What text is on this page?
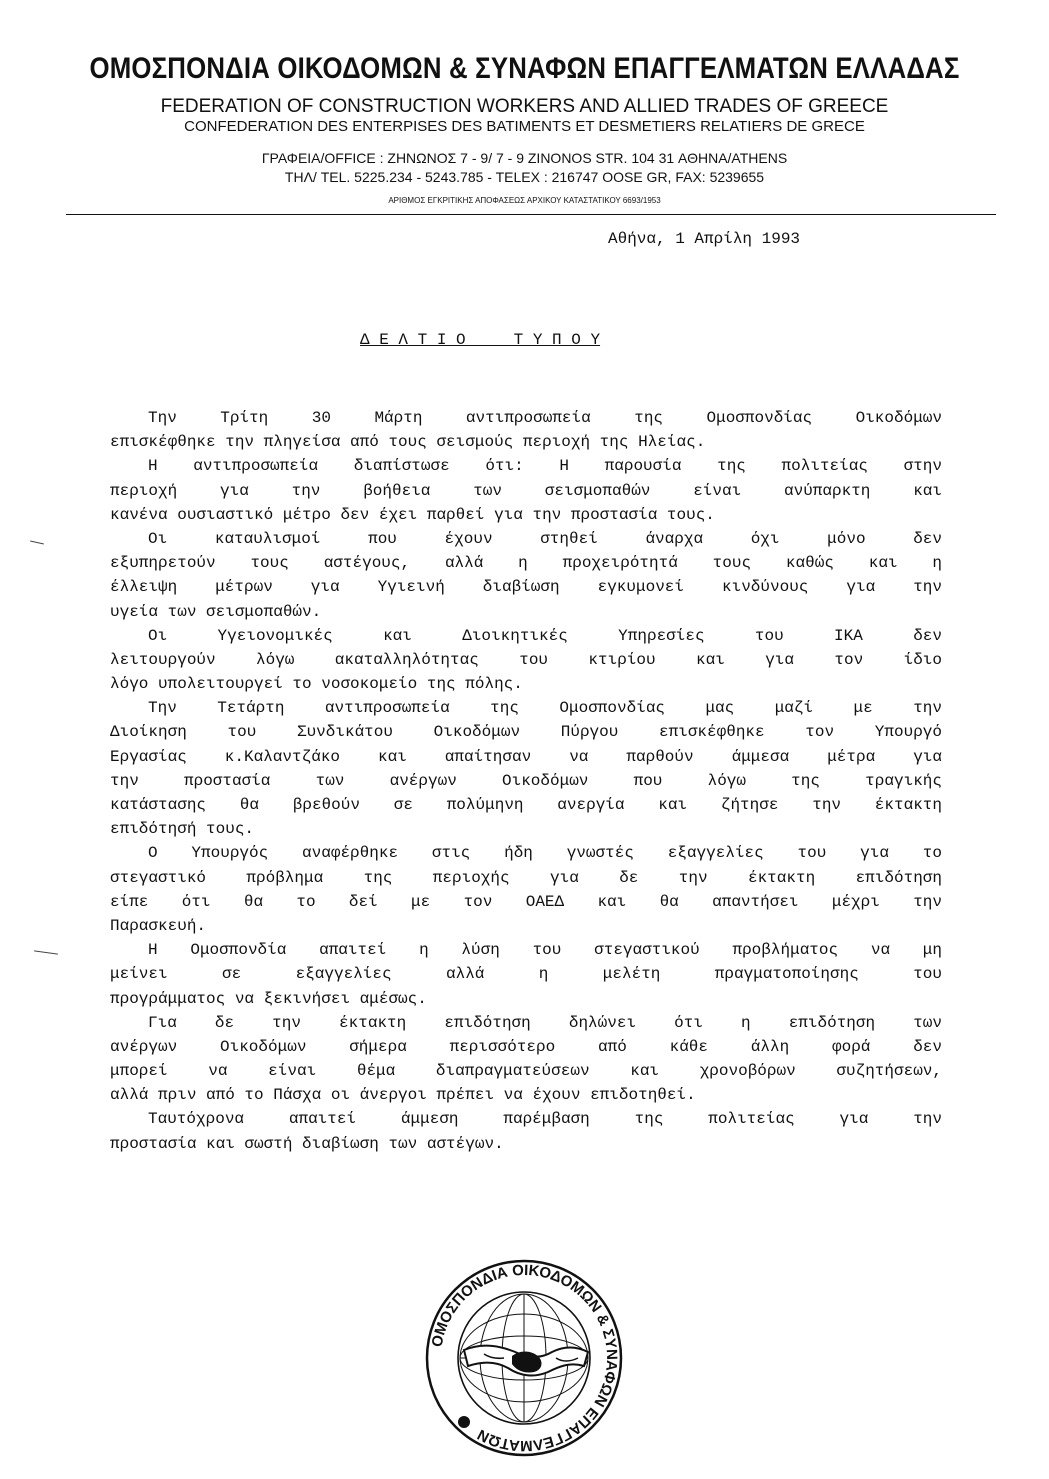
ΟΜΟΣΠΟΝΔΙΑ ΟΙΚΟΔΟΜΩΝ & ΣΥΝΑΦΩΝ ΕΠΑΓΓΕΛΜΑΤΩΝ ΕΛΛΑΔΑΣ
FEDERATION OF CONSTRUCTION WORKERS AND ALLIED TRADES OF GREECE
CONFEDERATION DES ENTERPISES DES BATIMENTS ET DESMETIERS RELATIERS DE GRECE
ΓΡΑΦΕΙΑ/OFFICE : ΖΗΝΩΝΟΣ 7 - 9/ 7 - 9 ZINONOS STR. 104 31 ΑΘΗΝΑ/ATHENS
ΤΗΛ/ TEL. 5225.234 - 5243.785 - TELEX : 216747 OOSE GR, FAX: 5239655
ΑΡΙΘΜΟΣ ΕΓΚΡΙΤΙΚΗΣ ΑΠΟΦΑΣΕΩΣ ΑΡΧΙΚΟΥ ΚΑΤΑΣΤΑΤΙΚΟΥ 6693/1953
Αθήνα, 1 Απρίλη 1993
Δ Ε Λ Τ Ι Ο     Τ Υ Π Ο Υ
Την Τρίτη 30 Μάρτη αντιπροσωπεία της Ομοσπονδίας Οικοδόμων
επισκέφθηκε την πληγείσα από τους σεισμούς περιοχή της Ηλείας.
Η αντιπροσωπεία διαπίστωσε ότι: Η παρουσία της πολιτείας στην
περιοχή για την βοήθεια των σεισμοπαθών είναι ανύπαρκτη και
κανένα ουσιαστικό μέτρο δεν έχει παρθεί για την προστασία τους.
Οι καταυλισμοί που έχουν στηθεί άναρχα όχι μόνο δεν
εξυπηρετούν τους αστέγους, αλλά η προχειρότητά τους καθώς και η
έλλειψη μέτρων για Υγιεινή διαβίωση εγκυμονεί κινδύνους για την
υγεία των σεισμοπαθών.
Οι Υγειονομικές και Διοικητικές Υπηρεσίες του ΙΚΑ δεν
λειτουργούν λόγω ακαταλληλότητας του κτιρίου και για τον ίδιο
λόγο υπολειτουργεί το νοσοκομείο της πόλης.
Την Τετάρτη αντιπροσωπεία της Ομοσπονδίας μας μαζί με την
Διοίκηση του Συνδικάτου Οικοδόμων Πύργου επισκέφθηκε τον Υπουργό
Εργασίας κ.Καλαντζάκο και απαίτησαν να παρθούν άμμεσα μέτρα για
την προστασία των ανέργων Οικοδόμων που λόγω της τραγικής
κατάστασης θα βρεθούν σε πολύμηνη ανεργία και ζήτησε την έκτακτη
επιδότησή τους.
Ο Υπουργός αναφέρθηκε στις ήδη γνωστές εξαγγελίες του για το
στεγαστικό πρόβλημα της περιοχής για δε την έκτακτη επιδότηση
είπε ότι θα το δεί με τον ΟΑΕΔ και θα απαντήσει μέχρι την
Παρασκευή.
Η Ομοσπονδία απαιτεί η λύση του στεγαστικού προβλήματος να μη
μείνει σε εξαγγελίες αλλά η μελέτη πραγματοποίησης του
προγράμματος να ξεκινήσει αμέσως.
Για δε την έκτακτη επιδότηση δηλώνει ότι η επιδότηση των
ανέργων Οικοδόμων σήμερα περισσότερο από κάθε άλλη φορά δεν
μπορεί να είναι θέμα διαπραγματεύσεων και χρονοβόρων συζητήσεων,
αλλά πριν από το Πάσχα οι άνεργοι πρέπει να έχουν επιδοτηθεί.
Ταυτόχρονα απαιτεί άμμεση παρέμβαση της πολιτείας για την
προστασία και σωστή διαβίωση των αστέγων.
ΟΜΟΣΠΟΝΔΙΑ ΟΙΚΟΔΟΜΩΝ & ΣΥΝΑΦΩΝ ΕΠΑΓΓΕΛΜΑΤΩΝ
